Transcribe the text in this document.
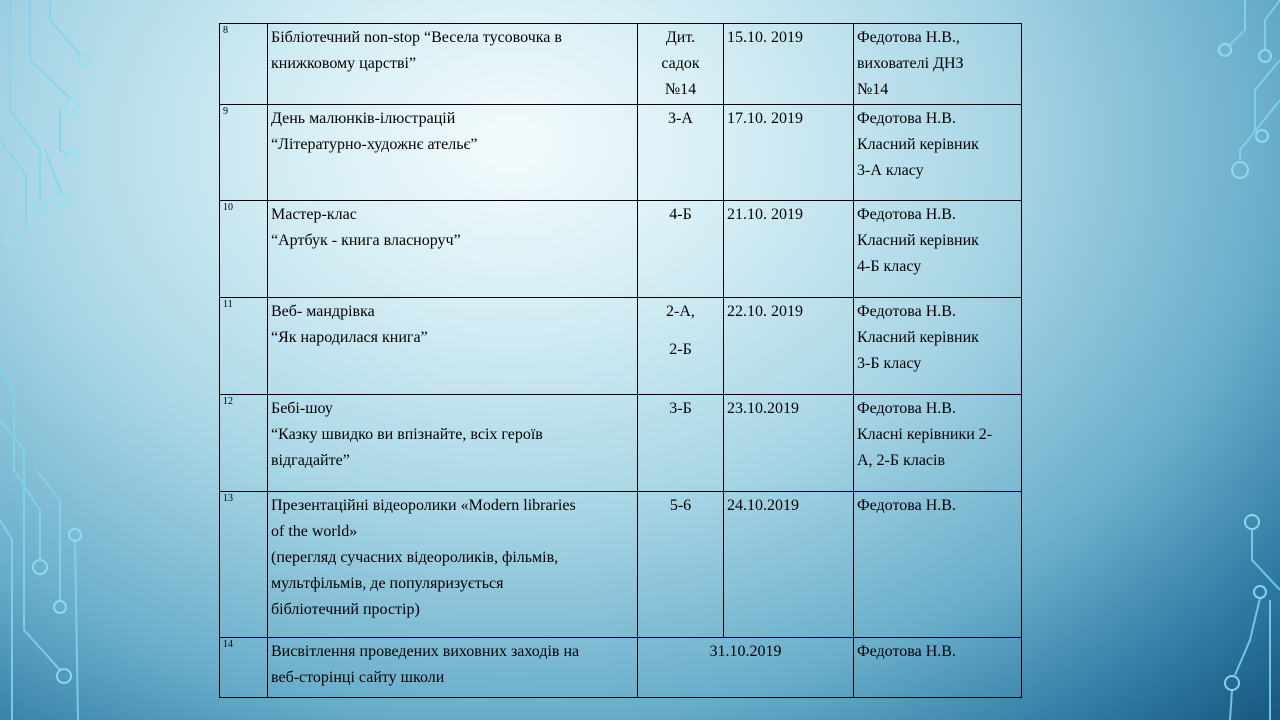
8	Бібліотечний non-stop “Весела тусовочка в
книжковому царстві”	Дит.
садок
№14	15.10. 2019	Федотова Н.В.,
вихователі ДНЗ
№14

9	День малюнків-ілюстрацій
“Літературно-художнє ательє”	3-А	17.10. 2019	Федотова Н.В.
Класний керівник
3-А класу

10	Мастер-клас
“Артбук - книга власноруч”	4-Б	21.10. 2019	Федотова Н.В.
Класний керівник
4-Б класу

11	Веб- мандрівка
“Як народилася книга”	2-А,
2-Б	22.10. 2019	Федотова Н.В.
Класний керівник
3-Б класу

12	Бебі-шоу
“Казку швидко ви впізнайте, всіх героїв
відгадайте”	3-Б	23.10.2019	Федотова Н.В.
Класні керівники 2-
А, 2-Б класів

13	Презентаційні відеоролики «Modern libraries
of the world»
(перегляд сучасних відеороликів, фільмів,
мультфільмів, де популяризується
бібліотечний простір)	5-6	24.10.2019	Федотова Н.В.

14	Висвітлення проведених виховних заходів на
веб-сторінці сайту школи	31.10.2019		Федотова Н.В.
